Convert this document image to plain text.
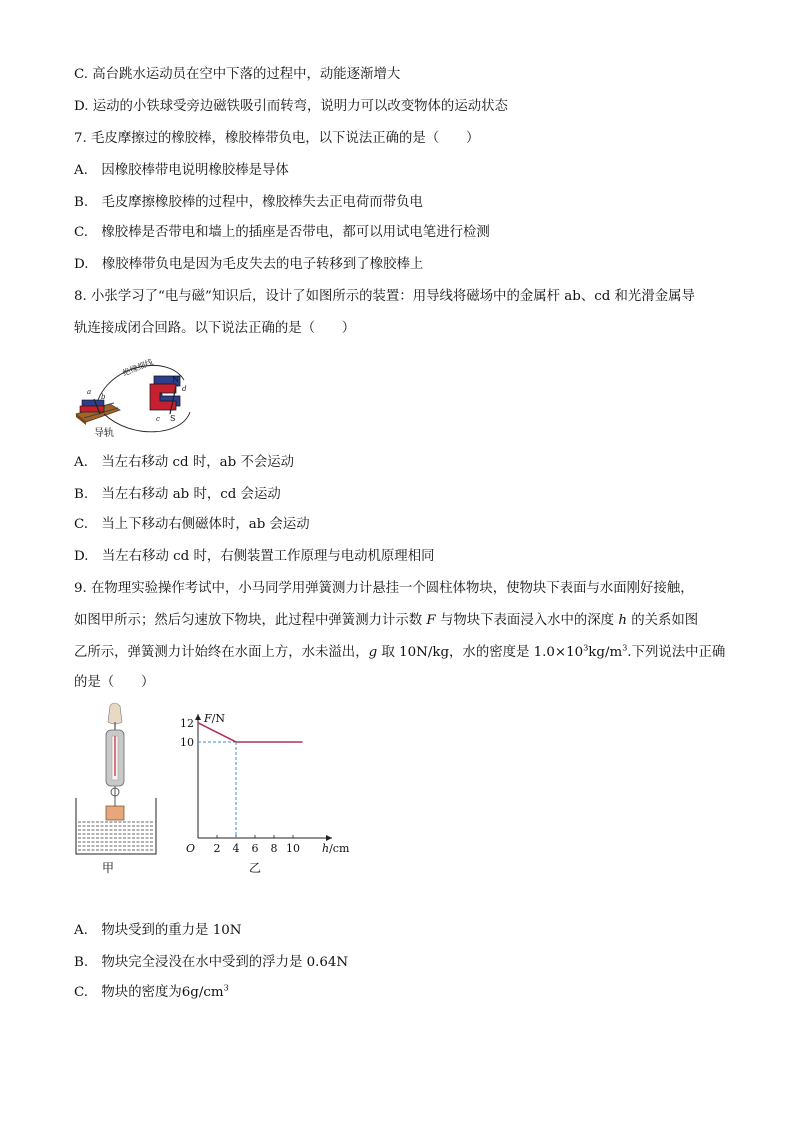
C. 高台跳水运动员在空中下落的过程中，动能逐渐增大
D. 运动的小铁球受旁边磁铁吸引而转弯，说明力可以改变物体的运动状态
7. 毛皮摩擦过的橡胶棒，橡胶棒带负电，以下说法正确的是（　　）
A.　因橡胶棒带电说明橡胶棒是导体
B.　毛皮摩擦橡胶棒的过程中，橡胶棒失去正电荷而带负电
C.　橡胶棒是否带电和墙上的插座是否带电，都可以用试电笔进行检测
D.　橡胶棒带负电是因为毛皮失去的电子转移到了橡胶棒上
8. 小张学习了“电与磁”知识后，设计了如图所示的装置：用导线将磁场中的金属杆 ab、cd 和光滑金属导
轨连接成闭合回路。以下说法正确的是（　　）
a
b
绝缘细线
N
S
d
c
导轨
A.　当左右移动 cd 时，ab 不会运动
B.　当左右移动 ab 时，cd 会运动
C.　当上下移动右侧磁体时，ab 会运动
D.　当左右移动 cd 时，右侧装置工作原理与电动机原理相同
9. 在物理实验操作考试中，小马同学用弹簧测力计悬挂一个圆柱体物块，使物块下表面与水面刚好接触，
如图甲所示；然后匀速放下物块，此过程中弹簧测力计示数 F 与物块下表面浸入水中的深度 h 的关系如图
乙所示，弹簧测力计始终在水面上方，水未溢出，g 取 10N/kg，水的密度是 $1.0\times 10^3kg/m^3$.下列说法中正确
的是（　　）
甲
2 4 6 8 10
10
12
O	h/cm
F/N
乙
A.　物块受到的重力是 10N
B.　物块完全浸没在水中受到的浮力是 0.64N
C.　物块的密度为$6g/cm^3$
